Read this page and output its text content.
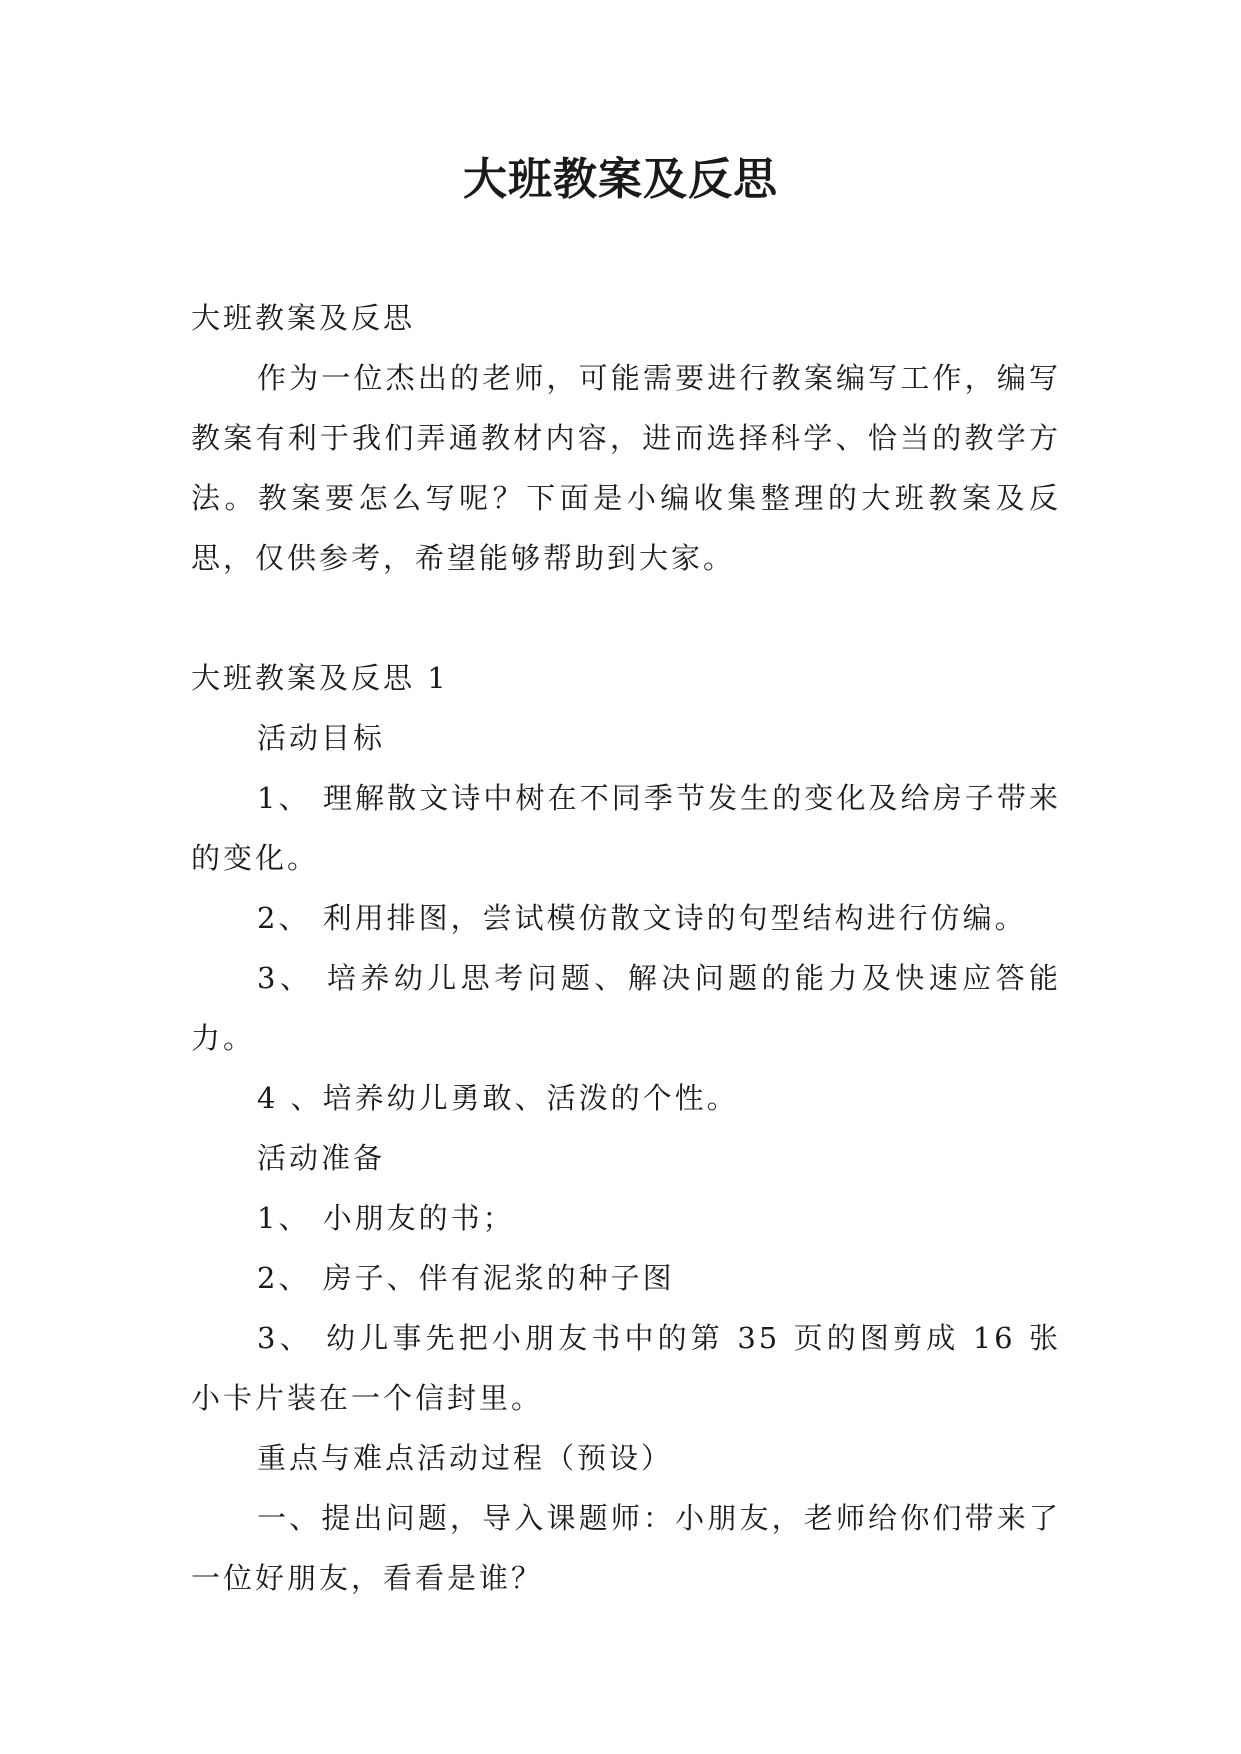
大班教案及反思

大班教案及反思

作为一位杰出的老师，可能需要进行教案编写工作，编写教案有利于我们弄通教材内容，进而选择科学、恰当的教学方法。教案要怎么写呢？下面是小编收集整理的大班教案及反思，仅供参考，希望能够帮助到大家。

大班教案及反思 1

活动目标

1、 理解散文诗中树在不同季节发生的变化及给房子带来的变化。

2、 利用排图，尝试模仿散文诗的句型结构进行仿编。

3、 培养幼儿思考问题、解决问题的能力及快速应答能力。

4 、培养幼儿勇敢、活泼的个性。

活动准备

1、 小朋友的书；

2、 房子、伴有泥浆的种子图

3、 幼儿事先把小朋友书中的第 35 页的图剪成 16 张小卡片装在一个信封里。

重点与难点活动过程（预设）

一、提出问题，导入课题师：小朋友，老师给你们带来了一位好朋友，看看是谁？
